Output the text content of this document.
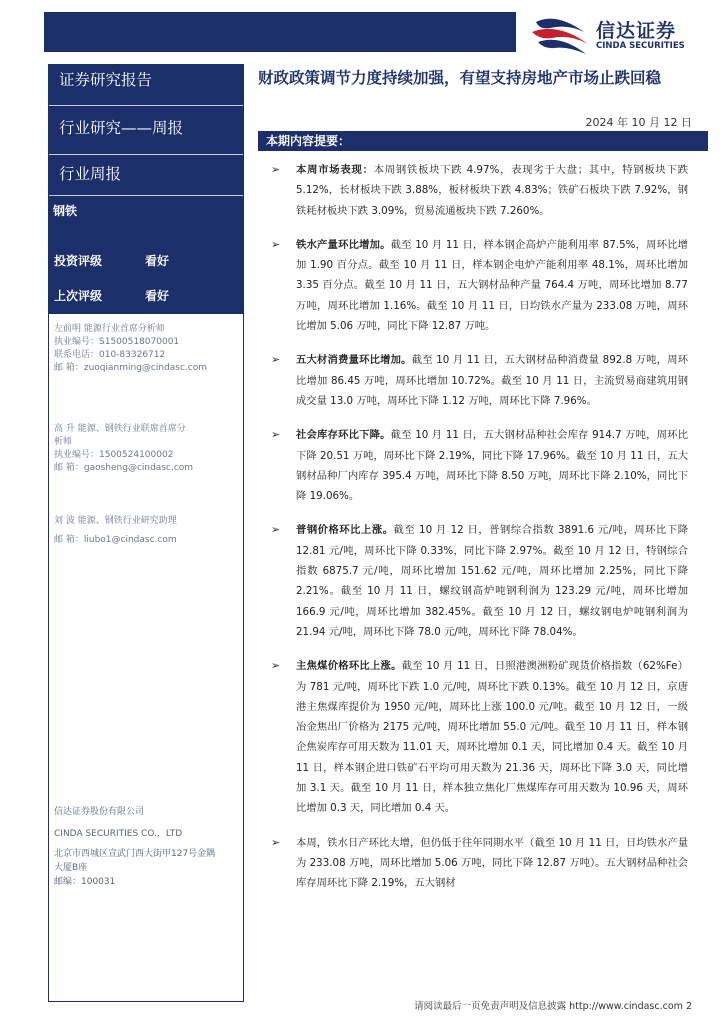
信达证券
CINDA SECURITIES
证券研究报告
行业研究——周报
行业周报
钢铁
投资评级	看好
上次评级	看好
左前明 能源行业首席分析师
执业编号：S1500518070001
联系电话：010-83326712
邮 箱：zuoqianming@cindasc.com
高 升 能源、钢铁行业联席首席分
析师
执业编号：1500524100002
邮 箱：gaosheng@cindasc.com
刘 波 能源、钢铁行业研究助理
邮 箱：liubo1@cindasc.com
信达证券股份有限公司
CINDA SECURITIES CO.，LTD
北京市西城区宣武门西大街甲127号金隅
大厦B座
邮编：100031
财政政策调节力度持续加强，有望支持房地产市场止跌回稳
2024 年 10 月 12 日
本期内容提要：
➢ 本周市场表现：本周钢铁板块下跌 4.97%，表现劣于大盘；其中，特钢板块下跌 5.12%，长材板块下跌 3.88%，板材板块下跌 4.83%；铁矿石板块下跌 7.92%，钢铁耗材板块下跌 3.09%，贸易流通板块下跌 7.260%。
➢ 铁水产量环比增加。截至 10 月 11 日，样本钢企高炉产能利用率 87.5%，周环比增加 1.90 百分点。截至 10 月 11 日，样本钢企电炉产能利用率 48.1%，周环比增加 3.35 百分点。截至 10 月 11 日，五大钢材品种产量 764.4 万吨，周环比增加 8.77 万吨，周环比增加 1.16%。截至 10 月 11 日，日均铁水产量为 233.08 万吨，周环比增加 5.06 万吨，同比下降 12.87 万吨。
➢ 五大材消费量环比增加。截至 10 月 11 日，五大钢材品种消费量 892.8 万吨，周环比增加 86.45 万吨，周环比增加 10.72%。截至 10 月 11 日，主流贸易商建筑用钢成交量 13.0 万吨，周环比下降 1.12 万吨，周环比下降 7.96%。
➢ 社会库存环比下降。截至 10 月 11 日，五大钢材品种社会库存 914.7 万吨，周环比下降 20.51 万吨，周环比下降 2.19%，同比下降 17.96%。截至 10 月 11 日，五大钢材品种厂内库存 395.4 万吨，周环比下降 8.50 万吨，周环比下降 2.10%，同比下降 19.06%。
➢ 普钢价格环比上涨。截至 10 月 12 日，普钢综合指数 3891.6 元/吨，周环比下降 12.81 元/吨，周环比下降 0.33%，同比下降 2.97%。截至 10 月 12 日，特钢综合指数 6875.7 元/吨，周环比增加 151.62 元/吨，周环比增加 2.25%，同比下降 2.21%。截至 10 月 11 日，螺纹钢高炉吨钢利润为 123.29 元/吨，周环比增加 166.9 元/吨，周环比增加 382.45%。截至 10 月 12 日，螺纹钢电炉吨钢利润为 21.94 元/吨，周环比下降 78.0 元/吨，周环比下降 78.04%。
➢ 主焦煤价格环比上涨。截至 10 月 11 日，日照港澳洲粉矿现货价格指数（62%Fe）为 781 元/吨，周环比下跌 1.0 元/吨，周环比下跌 0.13%。截至 10 月 12 日，京唐港主焦煤库提价为 1950 元/吨，周环比上涨 100.0 元/吨。截至 10 月 12 日，一级冶金焦出厂价格为 2175 元/吨，周环比增加 55.0 元/吨。截至 10 月 11 日，样本钢企焦炭库存可用天数为 11.01 天，周环比增加 0.1 天，同比增加 0.4 天。截至 10 月 11 日，样本钢企进口铁矿石平均可用天数为 21.36 天，周环比下降 3.0 天，同比增加 3.1 天。截至 10 月 11 日，样本独立焦化厂焦煤库存可用天数为 10.96 天，周环比增加 0.3 天，同比增加 0.4 天。
➢ 本周，铁水日产环比大增，但仍低于往年同期水平（截至 10 月 11 日，日均铁水产量为 233.08 万吨，周环比增加 5.06 万吨，同比下降 12.87 万吨）。五大钢材品种社会库存周环比下降 2.19%，五大钢材
请阅读最后一页免责声明及信息披露 http://www.cindasc.com 2
